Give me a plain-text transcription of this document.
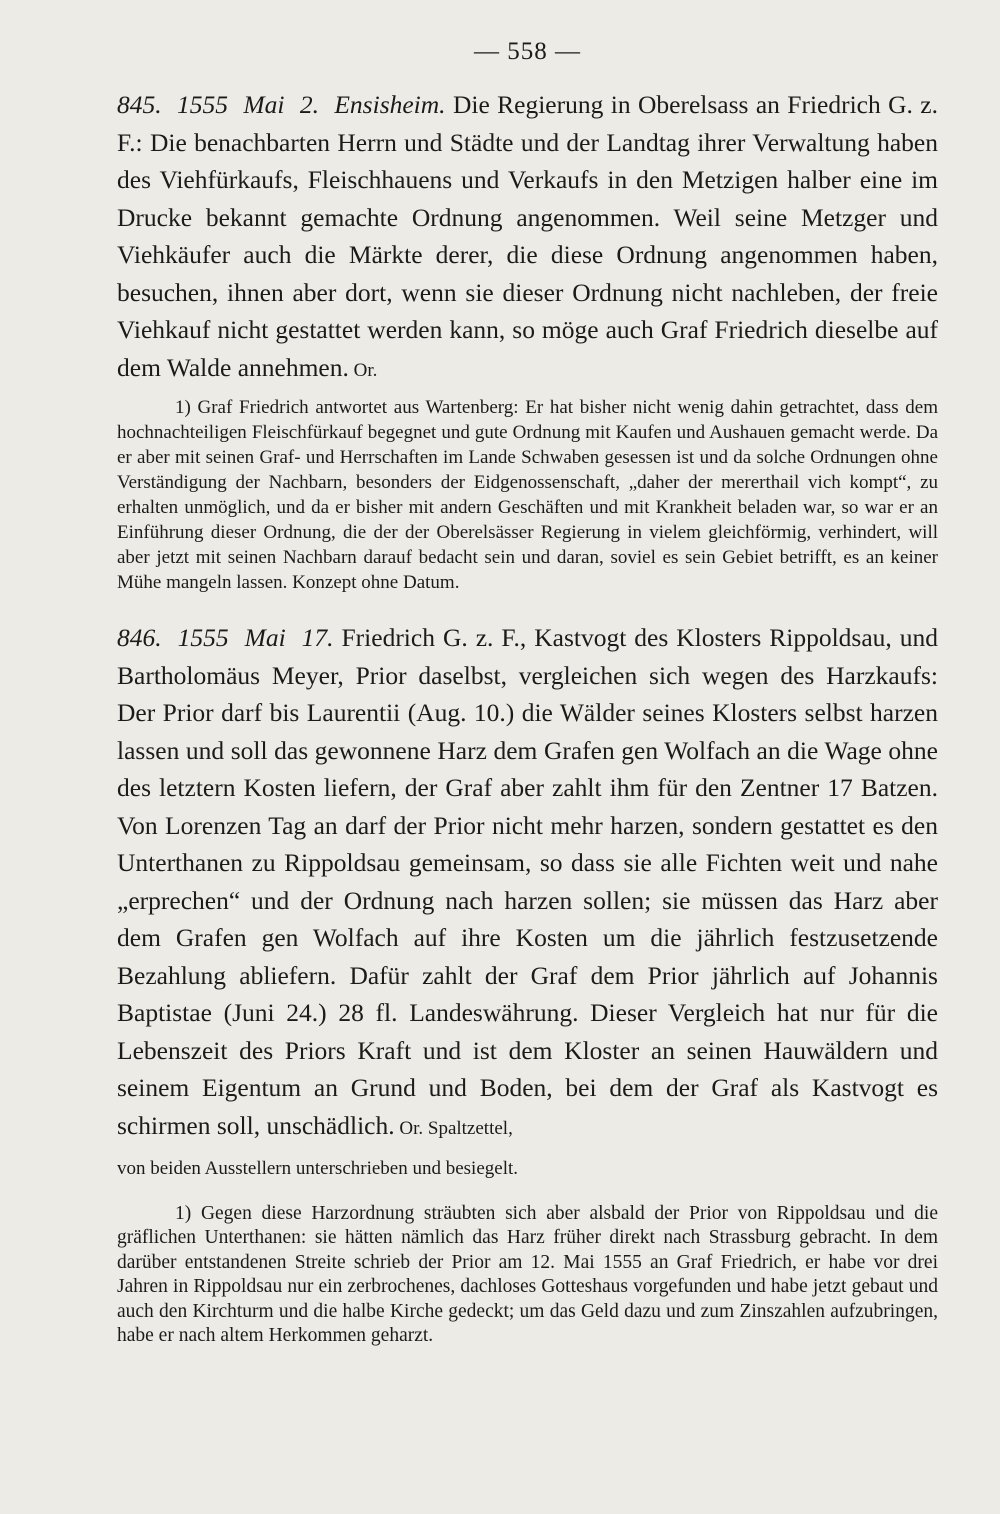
— 558 —

845. 1555 Mai 2. Ensisheim. Die Regierung in Oberelsass an Friedrich G. z. F.: Die benachbarten Herrn und Städte und der Landtag ihrer Verwaltung haben des Viehfürkaufs, Fleischhauens und Verkaufs in den Metzigen halber eine im Drucke bekannt gemachte Ordnung angenommen. Weil seine Metzger und Viehkäufer auch die Märkte derer, die diese Ordnung angenommen haben, besuchen, ihnen aber dort, wenn sie dieser Ordnung nicht nachleben, der freie Viehkauf nicht gestattet werden kann, so möge auch Graf Friedrich dieselbe auf dem Walde annehmen. Or.

1) Graf Friedrich antwortet aus Wartenberg: Er hat bisher nicht wenig dahin getrachtet, dass dem hochnachteiligen Fleischfürkauf begegnet und gute Ordnung mit Kaufen und Aushauen gemacht werde. Da er aber mit seinen Graf- und Herrschaften im Lande Schwaben gesessen ist und da solche Ordnungen ohne Verständigung der Nachbarn, besonders der Eidgenossenschaft, „daher der mererthail vich kompt“, zu erhalten unmöglich, und da er bisher mit andern Geschäften und mit Krankheit beladen war, so war er an Einführung dieser Ordnung, die der der Oberelsässer Regierung in vielem gleichförmig, verhindert, will aber jetzt mit seinen Nachbarn darauf bedacht sein und daran, soviel es sein Gebiet betrifft, es an keiner Mühe mangeln lassen. Konzept ohne Datum.

846. 1555 Mai 17. Friedrich G. z. F., Kastvogt des Klosters Rippoldsau, und Bartholomäus Meyer, Prior daselbst, vergleichen sich wegen des Harzkaufs: Der Prior darf bis Laurentii (Aug. 10.) die Wälder seines Klosters selbst harzen lassen und soll das gewonnene Harz dem Grafen gen Wolfach an die Wage ohne des letztern Kosten liefern, der Graf aber zahlt ihm für den Zentner 17 Batzen. Von Lorenzen Tag an darf der Prior nicht mehr harzen, sondern gestattet es den Unterthanen zu Rippoldsau gemeinsam, so dass sie alle Fichten weit und nahe „erprechen“ und der Ordnung nach harzen sollen; sie müssen das Harz aber dem Grafen gen Wolfach auf ihre Kosten um die jährlich festzusetzende Bezahlung abliefern. Dafür zahlt der Graf dem Prior jährlich auf Johannis Baptistae (Juni 24.) 28 fl. Landeswährung. Dieser Vergleich hat nur für die Lebenszeit des Priors Kraft und ist dem Kloster an seinen Hauwäldern und seinem Eigentum an Grund und Boden, bei dem der Graf als Kastvogt es schirmen soll, unschädlich. Or. Spaltzettel,
von beiden Ausstellern unterschrieben und besiegelt.

1) Gegen diese Harzordnung sträubten sich aber alsbald der Prior von Rippoldsau und die gräflichen Unterthanen: sie hätten nämlich das Harz früher direkt nach Strassburg gebracht. In dem darüber entstandenen Streite schrieb der Prior am 12. Mai 1555 an Graf Friedrich, er habe vor drei Jahren in Rippoldsau nur ein zerbrochenes, dachloses Gotteshaus vorgefunden und habe jetzt gebaut und auch den Kirchturm und die halbe Kirche gedeckt; um das Geld dazu und zum Zinszahlen aufzubringen, habe er nach altem Herkommen geharzt.
